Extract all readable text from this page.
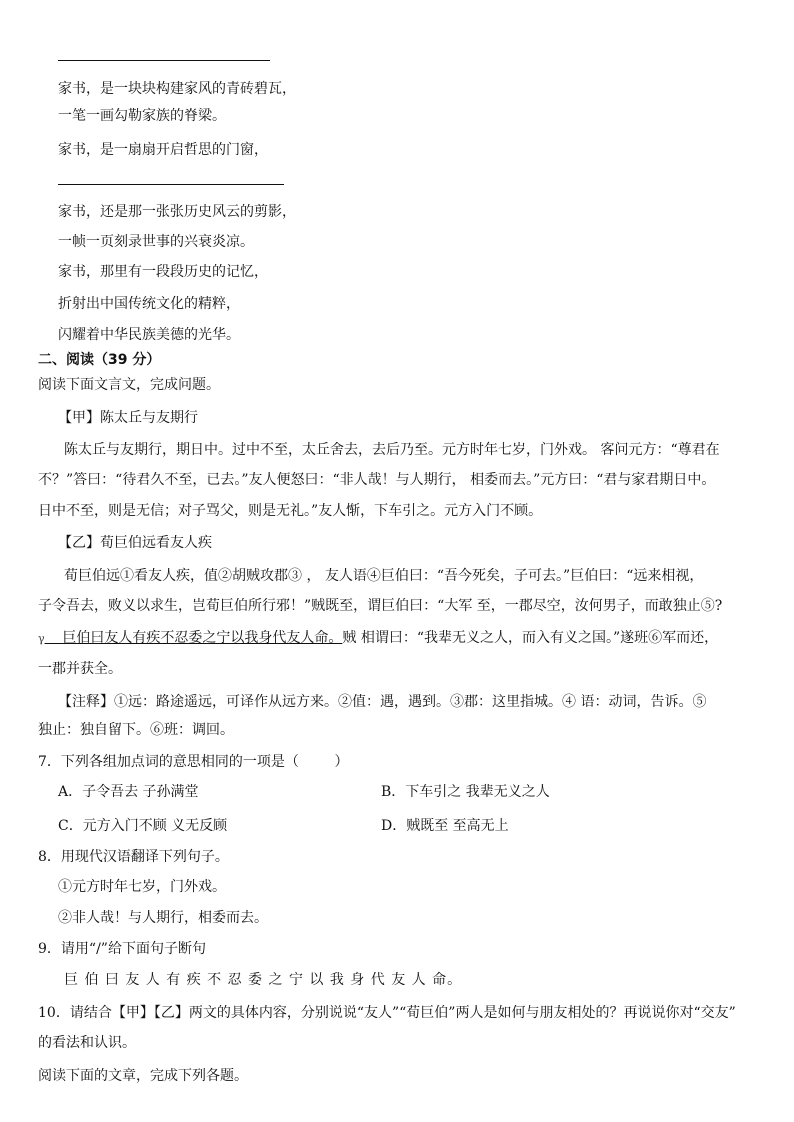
家书，是一块块构建家风的青砖碧瓦，
一笔一画勾勒家族的脊梁。
家书，是一扇扇开启哲思的门窗，
家书，还是那一张张历史风云的剪影，
一帧一页刻录世事的兴衰炎凉。
家书，那里有一段段历史的记忆，
折射出中国传统文化的精粹，
闪耀着中华民族美德的光华。
二、阅读（39 分）
阅读下面文言文，完成问题。
【甲】陈太丘与友期行
陈太丘与友期行，期日中。过中不至，太丘舍去，去后乃至。元方时年七岁，门外戏。 客问元方：“尊君在
不？”答曰：“待君久不至，已去。”友人便怒曰：“非人哉！与人期行， 相委而去。”元方曰：“君与家君期日中。
日中不至，则是无信；对子骂父，则是无礼。”友人惭，下车引之。元方入门不顾。
【乙】荀巨伯远看友人疾
荀巨伯远①看友人疾，值②胡贼攻郡③ ， 友人语④巨伯曰：“吾今死矣，子可去。”巨伯曰：“远来相视，
子令吾去，败义以求生，岂荀巨伯所行邪！”贼既至，谓巨伯曰：“大军 至，一郡尽空，汝何男子，而敢独止⑤?
γ    巨伯曰友人有疾不忍委之宁以我身代友人命。贼 相谓曰：“我辈无义之人，而入有义之国。”遂班⑥军而还，
一郡并获全。
【注释】①远：路途遥远，可译作从远方来。②值：遇，遇到。③郡：这里指城。④ 语：动词，告诉。⑤
独止：独自留下。⑥班：调回。
7．下列各组加点词的意思相同的一项是（        ）
A．子令吾去 子孙满堂	B．下车引之 我辈无义之人
C．元方入门不顾 义无反顾	D．贼既至 至高无上
8．用现代汉语翻译下列句子。
①元方时年七岁，门外戏。
②非人哉！与人期行，相委而去。
9．请用“/”给下面句子断句
巨 伯 曰 友 人 有 疾 不 忍 委 之 宁 以 我 身 代 友 人 命。
10．请结合【甲】【乙】两文的具体内容，分别说说“友人”“荀巨伯”两人是如何与朋友相处的？再说说你对“交友”
的看法和认识。
阅读下面的文章，完成下列各题。
